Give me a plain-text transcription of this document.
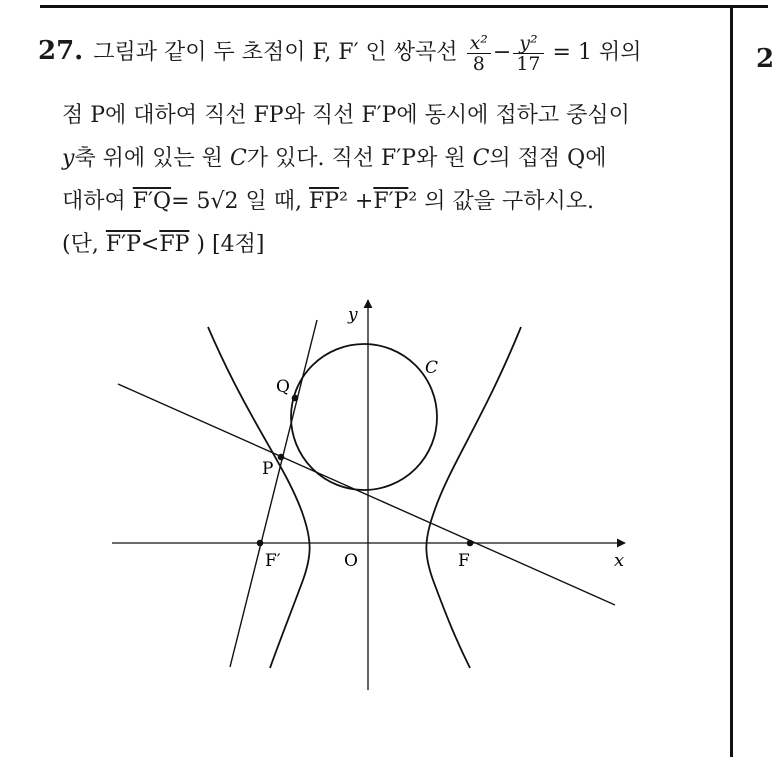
2
27. 그림과 같이 두 초점이 F, F′ 인 쌍곡선 $\frac{\text{x²}}{8} - \frac{\text{y²}}{17} = 1$ 위의
점 P에 대하여 직선 FP와 직선 F′P에 동시에 접하고 중심이
y축 위에 있는 원 C가 있다. 직선 F′P와 원 C의 접점 Q에
대하여 F′Q= 5√2 일 때, $\overline{FP}^2 +F'P^2$ 의 값을 구하시오.
(단, $F'P<\overline{FP}$ ) [4점]
y
x
O
C
Q
P
F
F′
